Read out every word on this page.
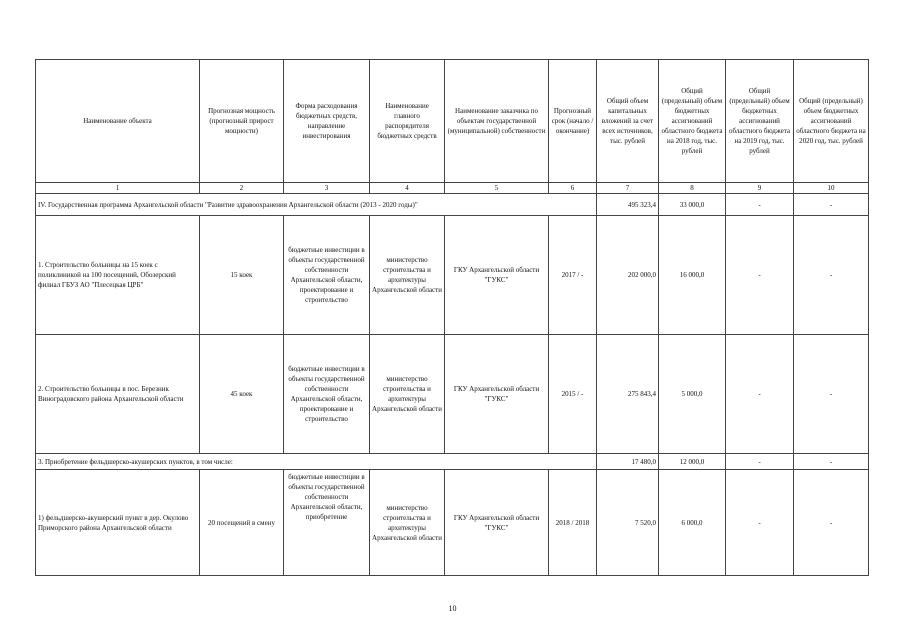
Наименование объекта	Прогнозная мощность (прогнозный прирост мощности)	Форма расходования бюджетных средств, направление инвестирования	Наименование главного распорядителя бюджетных средств	Наименование заказчика по объектам государственной (муниципальной) собственности	Прогнозный срок (начало / окончание)	Общий объем капитальных вложений за счет всех источников, тыс. рублей	Общий (предельный) объем бюджетных ассигнований областного бюджета на 2018 год, тыс. рублей	Общий (предельный) объем бюджетных ассигнований областного бюджета на 2019 год, тыс. рублей	Общий (предельный) объем бюджетных ассигнований областного бюджета на 2020 год, тыс. рублей
1	2	3	4	5	6	7	8	9	10
IV. Государственная программа Архангельской области "Развитие здравоохранения Архангельской области (2013 - 2020 годы)"						495 323,4	33 000,0	-	-
1. Строительство больницы на 15 коек с поликлиникой на 100 посещений, Обозерский филиал ГБУЗ АО "Плесецкая ЦРБ"	15 коек	бюджетные инвестиции в объекты государственной собственности Архангельской области, проектирование и строительство	министерство строительства и архитектуры Архангельской области	ГКУ Архангельской области "ГУКС"	2017 / -	202 000,0	16 000,0	-	-
2. Строительство больницы в пос. Березник Виноградовского района Архангельской области	45 коек	бюджетные инвестиции в объекты государственной собственности Архангельской области, проектирование и строительство	министерство строительства и архитектуры Архангельской области	ГКУ Архангельской области "ГУКС"	2015 / -	275 843,4	5 000,0	-	-
3. Приобретение фельдшерско-акушерских пунктов, в том числе:						17 480,0	12 000,0	-	-
1) фельдшерско-акушерский пункт в дер. Окулово Приморского района Архангельской области	20 посещений в смену	бюджетные инвестиции в объекты государственной собственности Архангельской области, приобретение	министерство строительства и архитектуры Архангельской области	ГКУ Архангельской области "ГУКС"	2018 / 2018	7 520,0	6 000,0	-	-
10
